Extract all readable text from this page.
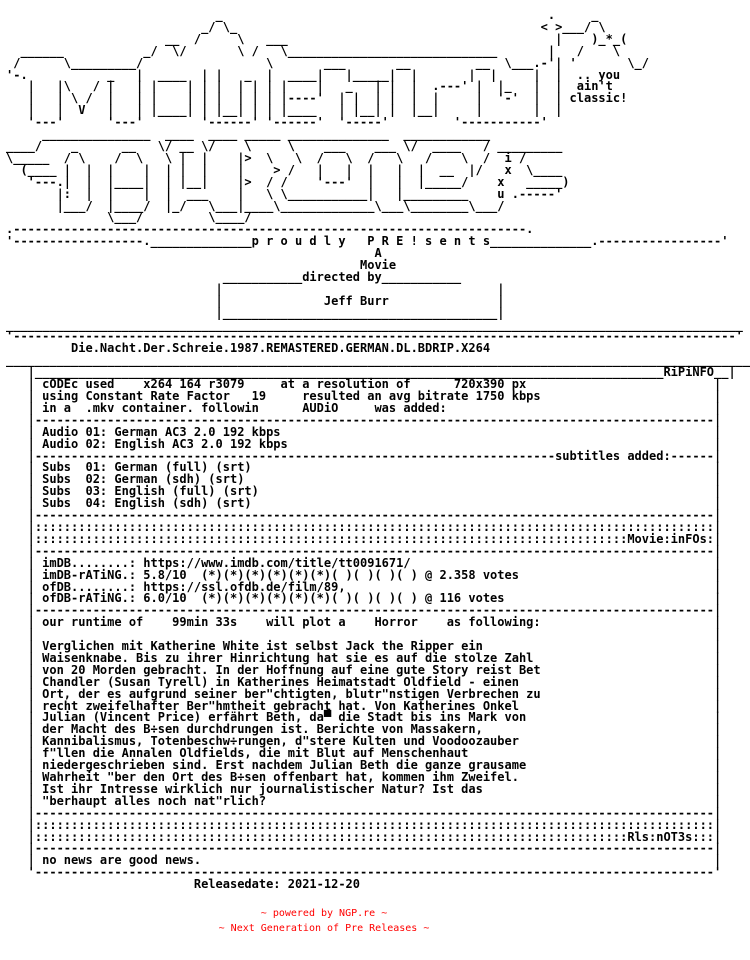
_                                             .     _
_/ \_                                          < >___/ \
__  /     \   ___                                     |    )_*_(
______           _/  \/       \ /   \_____________________________       |   /    \
/      \_________/                 \       ___       __         __  \___.-'| '       \_/
'-.           _   |  ____  | |   _  |  ____|   |_____|  |       |  |     |  |  .. you
|   |\   / |   | |    | | |  | | | |    |   _   | |  |  .---' |  |_   |  |  ain't
|   | \ /  |   | |    | | |  | | | |----'  | |  | |  |  |     |  '-'  |  | classic!
|   |  V   |   | |____| | |__| | | |____   | |__| |  |__|     |       |  |
'---'      '---'        '------' '------'  '-----'         '-----------'
_______________  ____  ____ _____ ______________  ____________
____/    _      __   \/ __ \/    \     \    ___    ___ \/  ____   / _________
\_____  / \    /  \   \ |  |    |>  \   \  /   \  /   \   /    \  /  i /
(____ |  |  |    |  | |  |    |    > /   |   |  |   |  |  __  |/   x  \____
'---.|  |  |____|  | |__|    |>  / /    '---'  |   |  |_____/    x   _____)
|:  |  |    |  |  ___    |   \ \___________|   |_________    u .-----'
|___/  |____/  |_/   \___|____\_____________\___\________\___/
\___/         \____/
.-----------------------------------------------------------------------.
'------------------.______________p r o u d l y   P R E ! s e n t s______________.-----------------'
A
Movie
___________directed by___________
|                                      |
|              Jeff Burr               |
|______________________________________|
______________________________________________________________________________________________________
'----------------------------------------------------------------------------------------------------'
Die.Nacht.Der.Schreie.1987.REMASTERED.GERMAN.DL.BDRIP.X264
_______________________________________________________________________________________________________
|_______________________________________________________________________________________RiPiNFO__|
| cODEc used    x264 164 r3079     at a resolution of      720x390 px                          |
| using Constant Rate Factor   19     resulted an avg bitrate 1750 kbps                        |
| in a  .mkv container. followin      AUDiO     was added:                                     |
|----------------------------------------------------------------------------------------------|
| Audio 01: German AC3 2.0 192 kbps                                                            |
| Audio 02: English AC3 2.0 192 kbps                                                           |
|------------------------------------------------------------------------subtitles added:------|
| Subs  01: German (full) (srt)                                                                |
| Subs  02: German (sdh) (srt)                                                                 |
| Subs  03: English (full) (srt)                                                               |
| Subs  04: English (sdh) (srt)                                                                |
|----------------------------------------------------------------------------------------------|
|::::::::::::::::::::::::::::::::::::::::::::::::::::::::::::::::::::::::::::::::::::::::::::::|
|::::::::::::::::::::::::::::::::::::::::::::::::::::::::::::::::::::::::::::::::::Movie:inFOs:|
|----------------------------------------------------------------------------------------------|
| imDB........: https://www.imdb.com/title/tt0091671/                                          |
| imDB-rATiNG.: 5.8/10  (*)(*)(*)(*)(*)(*)( )( )( )( ) @ 2.358 votes                           |
| ofDB........: https://ssl.ofdb.de/film/89,                                                   |
| ofDB-rATiNG.: 6.0/10  (*)(*)(*)(*)(*)(*)( )( )( )( ) @ 116 votes                             |
|----------------------------------------------------------------------------------------------|
| our runtime of    99min 33s    will plot a    Horror    as following:                        |
|                                                                                              |
| Verglichen mit Katherine White ist selbst Jack the Ripper ein                                |
| Waisenknabe. Bis zu ihrer Hinrichtung hat sie es auf die stolze Zahl                         |
| von 20 Morden gebracht. In der Hoffnung auf eine gute Story reist Bet                        |
| Chandler (Susan Tyrell) in Katherines Heimatstadt Oldfield - einen                           |
| Ort, der es aufgrund seiner ber"chtigten, blutr"nstigen Verbrechen zu                        |
| recht zweifelhafter Ber"hmtheit gebracht hat. Von Katherines Onkel                           |
| Julian (Vincent Price) erfährt Beth, da▀ die Stadt bis ins Mark von                          |
| der Macht des B÷sen durchdrungen ist. Berichte von Massakern,                                |
| Kannibalismus, Totenbeschw÷rungen, d"stere Kulten und Voodoozauber                           |
| f"llen die Annalen Oldfields, die mit Blut auf Menschenhaut                                  |
| niedergeschrieben sind. Erst nachdem Julian Beth die ganze grausame                          |
| Wahrheit "ber den Ort des B÷sen offenbart hat, kommen ihm Zweifel.                           |
| Ist ihr Intresse wirklich nur journalistischer Natur? Ist das                                |
| "berhaupt alles noch nat"rlich?                                                              |
|----------------------------------------------------------------------------------------------|
|::::::::::::::::::::::::::::::::::::::::::::::::::::::::::::::::::::::::::::::::::::::::::::::|
|::::::::::::::::::::::::::::::::::::::::::::::::::::::::::::::::::::::::::::::::::Rls:nOT3s:::|
|----------------------------------------------------------------------------------------------|
| no news are good news.                                                                       |
'----------------------------------------------------------------------------------------------'
Releasedate: 2021-12-20
~ powered by NGP.re ~
~ Next Generation of Pre Releases ~
